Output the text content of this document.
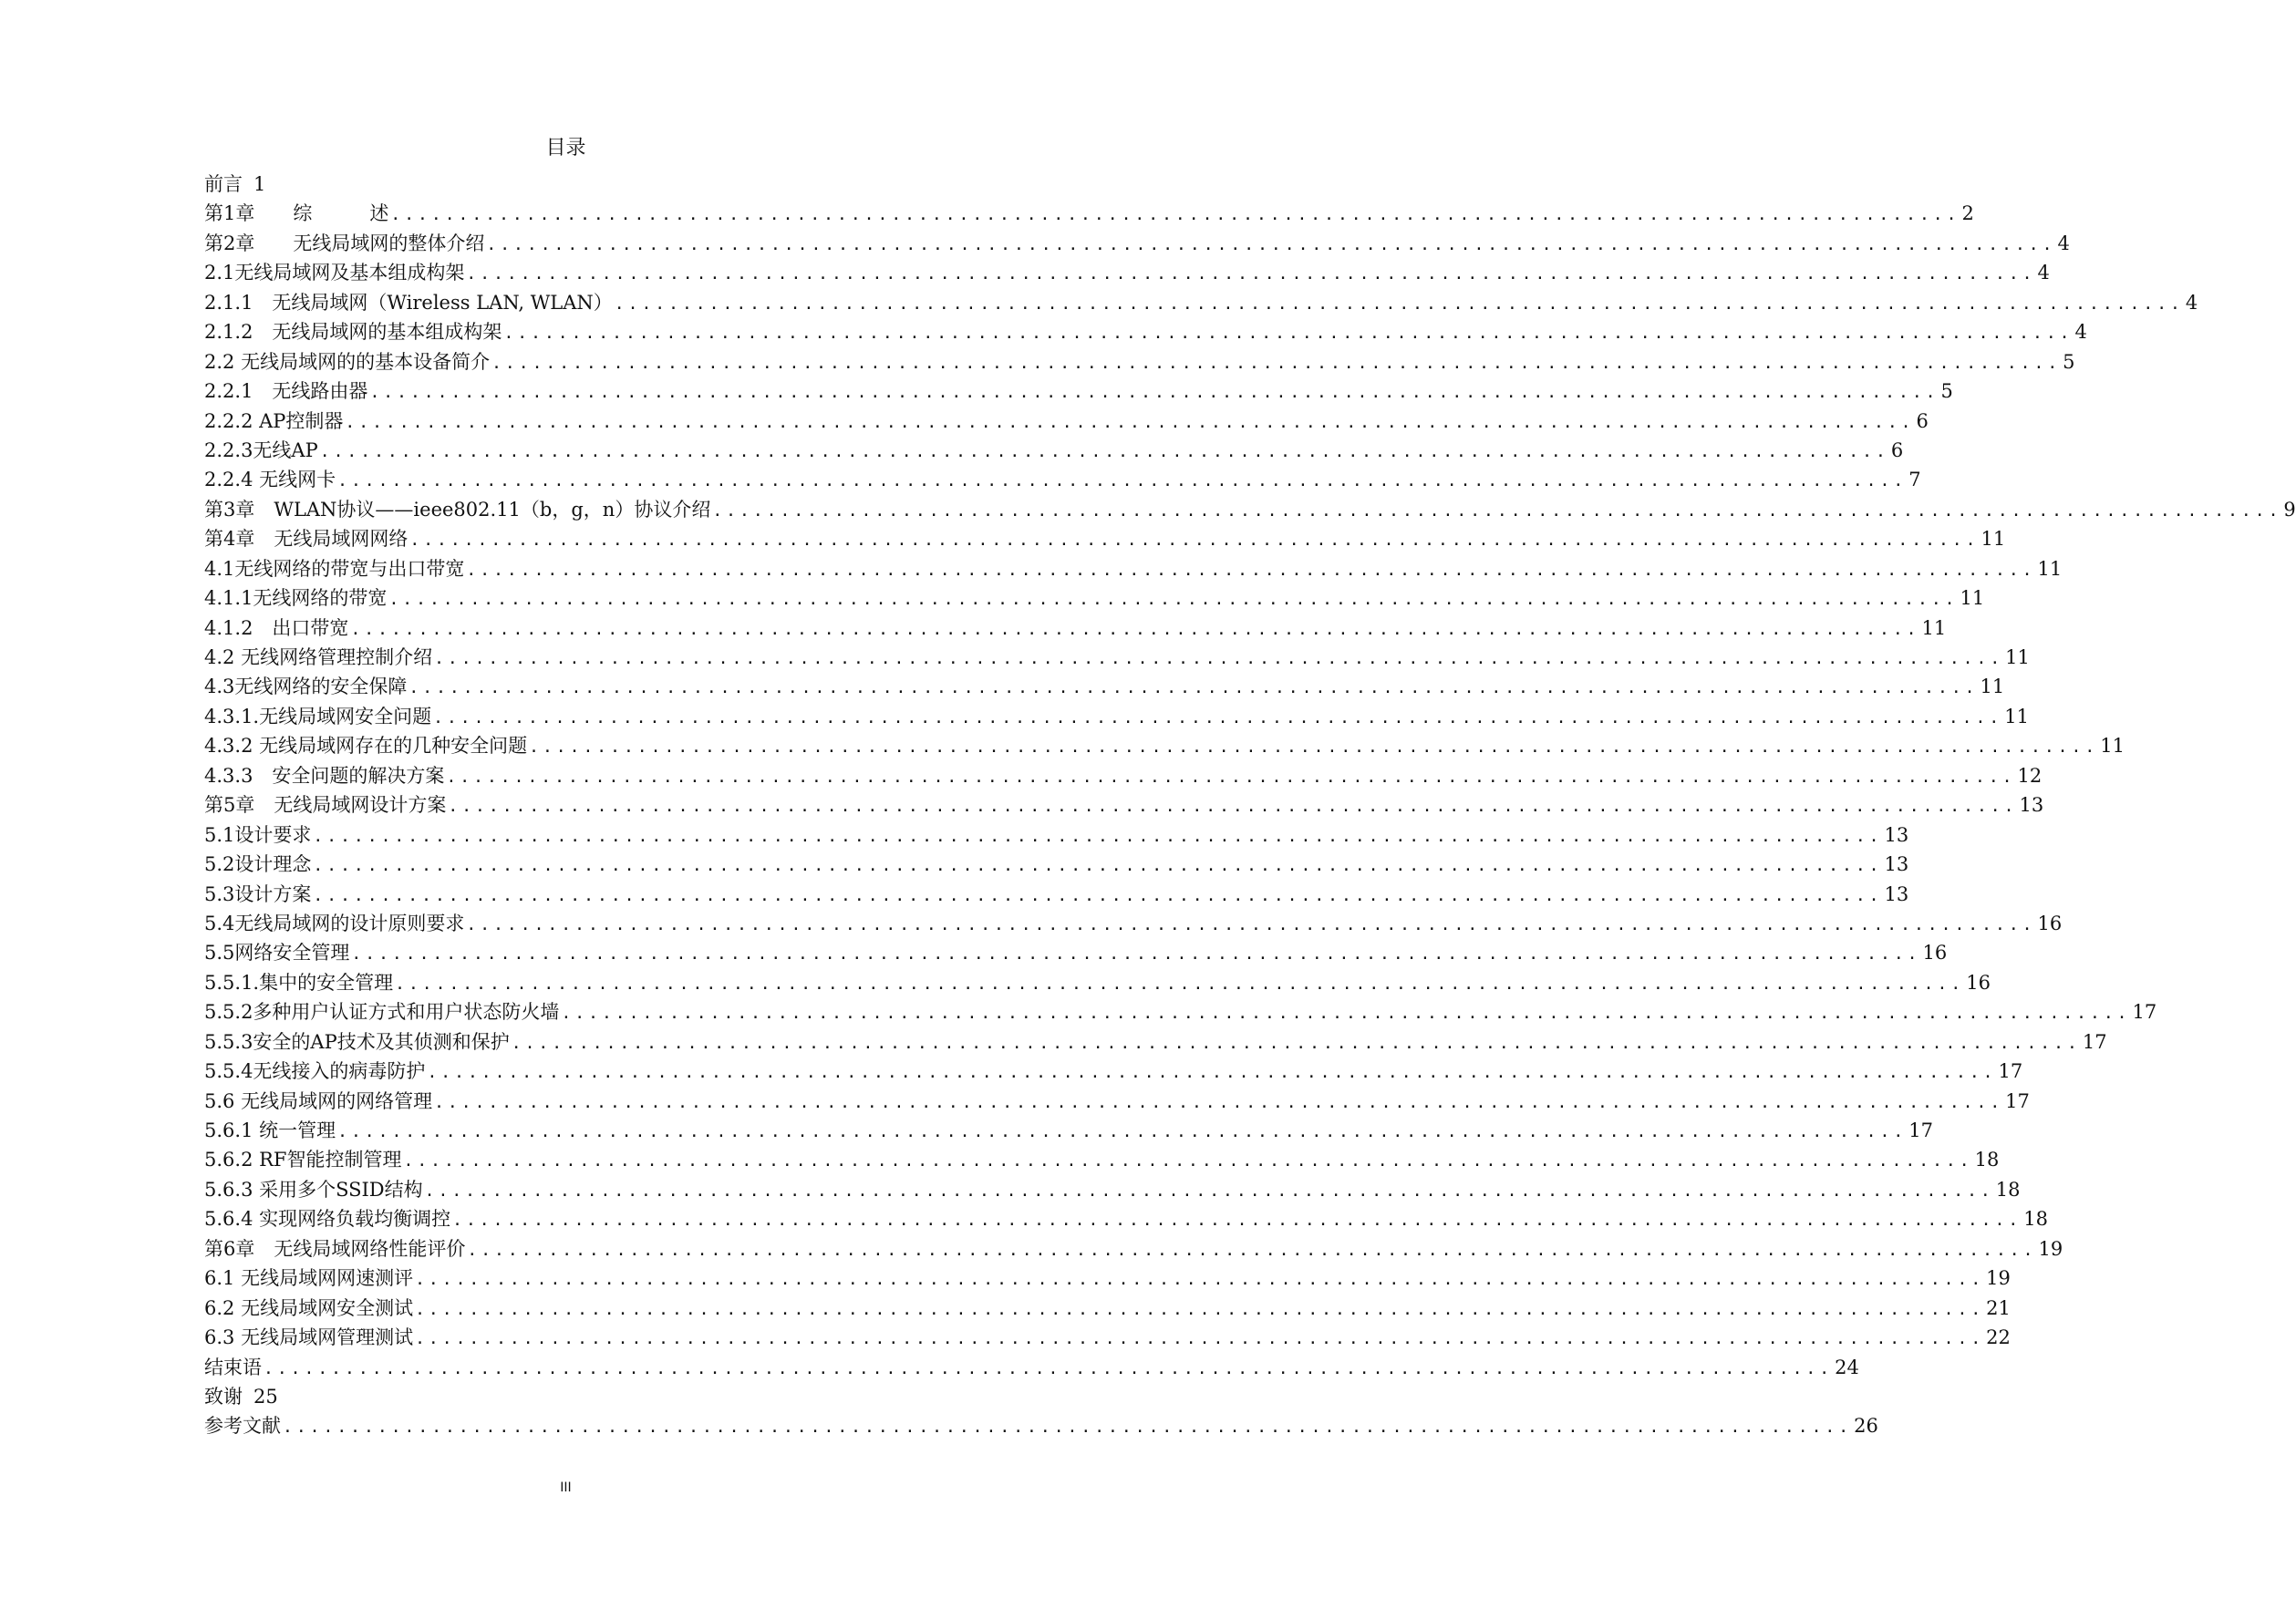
目录
前言 1
第1章　　综　　　述 .................................................................................................................... 2
第2章　　无线局域网的整体介绍 .................................................................................................................... 4
2.1无线局域网及基本组成构架 .................................................................................................................... 4
2.1.1　无线局域网（Wireless LAN, WLAN） .................................................................................................................... 4
2.1.2　无线局域网的基本组成构架 .................................................................................................................... 4
2.2 无线局域网的的基本设备简介 .................................................................................................................... 5
2.2.1　无线路由器 .................................................................................................................... 5
2.2.2 AP控制器 .................................................................................................................... 6
2.2.3无线AP .................................................................................................................... 6
2.2.4 无线网卡 .................................................................................................................... 7
第3章　WLAN协议——ieee802.11（b，g，n）协议介绍 .................................................................................................................... 9
第4章　无线局域网网络 .................................................................................................................... 11
4.1无线网络的带宽与出口带宽 .................................................................................................................... 11
4.1.1无线网络的带宽 .................................................................................................................... 11
4.1.2　出口带宽 .................................................................................................................... 11
4.2 无线网络管理控制介绍 .................................................................................................................... 11
4.3无线网络的安全保障 .................................................................................................................... 11
4.3.1.无线局域网安全问题 .................................................................................................................... 11
4.3.2 无线局域网存在的几种安全问题 .................................................................................................................... 11
4.3.3　安全问题的解决方案 .................................................................................................................... 12
第5章　无线局域网设计方案 .................................................................................................................... 13
5.1设计要求 .................................................................................................................... 13
5.2设计理念 .................................................................................................................... 13
5.3设计方案 .................................................................................................................... 13
5.4无线局域网的设计原则要求 .................................................................................................................... 16
5.5网络安全管理 .................................................................................................................... 16
5.5.1.集中的安全管理 .................................................................................................................... 16
5.5.2多种用户认证方式和用户状态防火墙 .................................................................................................................... 17
5.5.3安全的AP技术及其侦测和保护 .................................................................................................................... 17
5.5.4无线接入的病毒防护 .................................................................................................................... 17
5.6 无线局域网的网络管理 .................................................................................................................... 17
5.6.1 统一管理 .................................................................................................................... 17
5.6.2 RF智能控制管理 .................................................................................................................... 18
5.6.3 采用多个SSID结构 .................................................................................................................... 18
5.6.4 实现网络负载均衡调控 .................................................................................................................... 18
第6章　无线局域网络性能评价 .................................................................................................................... 19
6.1 无线局域网网速测评 .................................................................................................................... 19
6.2 无线局域网安全测试 .................................................................................................................... 21
6.3 无线局域网管理测试 .................................................................................................................... 22
结束语 .................................................................................................................... 24
致谢 25
参考文献 .................................................................................................................... 26
III
